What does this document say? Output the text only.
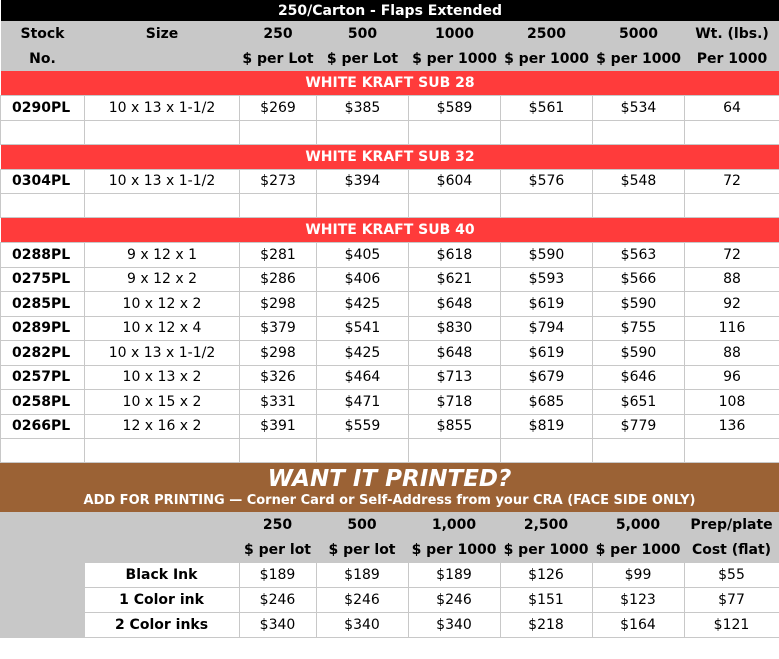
250/Carton - Flaps Extended							
Stock	Size	250	500	1000	2500	5000	Wt. (lbs.)
No.		$ per Lot	$ per Lot	$ per 1000	$ per 1000	$ per 1000	Per 1000
WHITE KRAFT SUB 28							
0290PL	10 x 13 x 1-1/2	$269	$385	$589	$561	$534	64

WHITE KRAFT SUB 32							
0304PL	10 x 13 x 1-1/2	$273	$394	$604	$576	$548	72

WHITE KRAFT SUB 40							
0288PL	9 x 12 x 1	$281	$405	$618	$590	$563	72
0275PL	9 x 12 x 2	$286	$406	$621	$593	$566	88
0285PL	10 x 12 x 2	$298	$425	$648	$619	$590	92
0289PL	10 x 12 x 4	$379	$541	$830	$794	$755	116
0282PL	10 x 13 x 1-1/2	$298	$425	$648	$619	$590	88
0257PL	10 x 13 x 2	$326	$464	$713	$679	$646	96
0258PL	10 x 15 x 2	$331	$471	$718	$685	$651	108
0266PL	12 x 16 x 2	$391	$559	$855	$819	$779	136

WANT IT PRINTED?
ADD FOR PRINTING — Corner Card or Self-Address from your CRA (FACE SIDE ONLY)
		250	500	1,000	2,500	5,000	Prep/plate
		$ per lot	$ per lot	$ per 1000	$ per 1000	$ per 1000	Cost (flat)
	Black Ink	$189	$189	$189	$126	$99	$55
	1 Color ink	$246	$246	$246	$151	$123	$77
	2 Color inks	$340	$340	$340	$218	$164	$121
